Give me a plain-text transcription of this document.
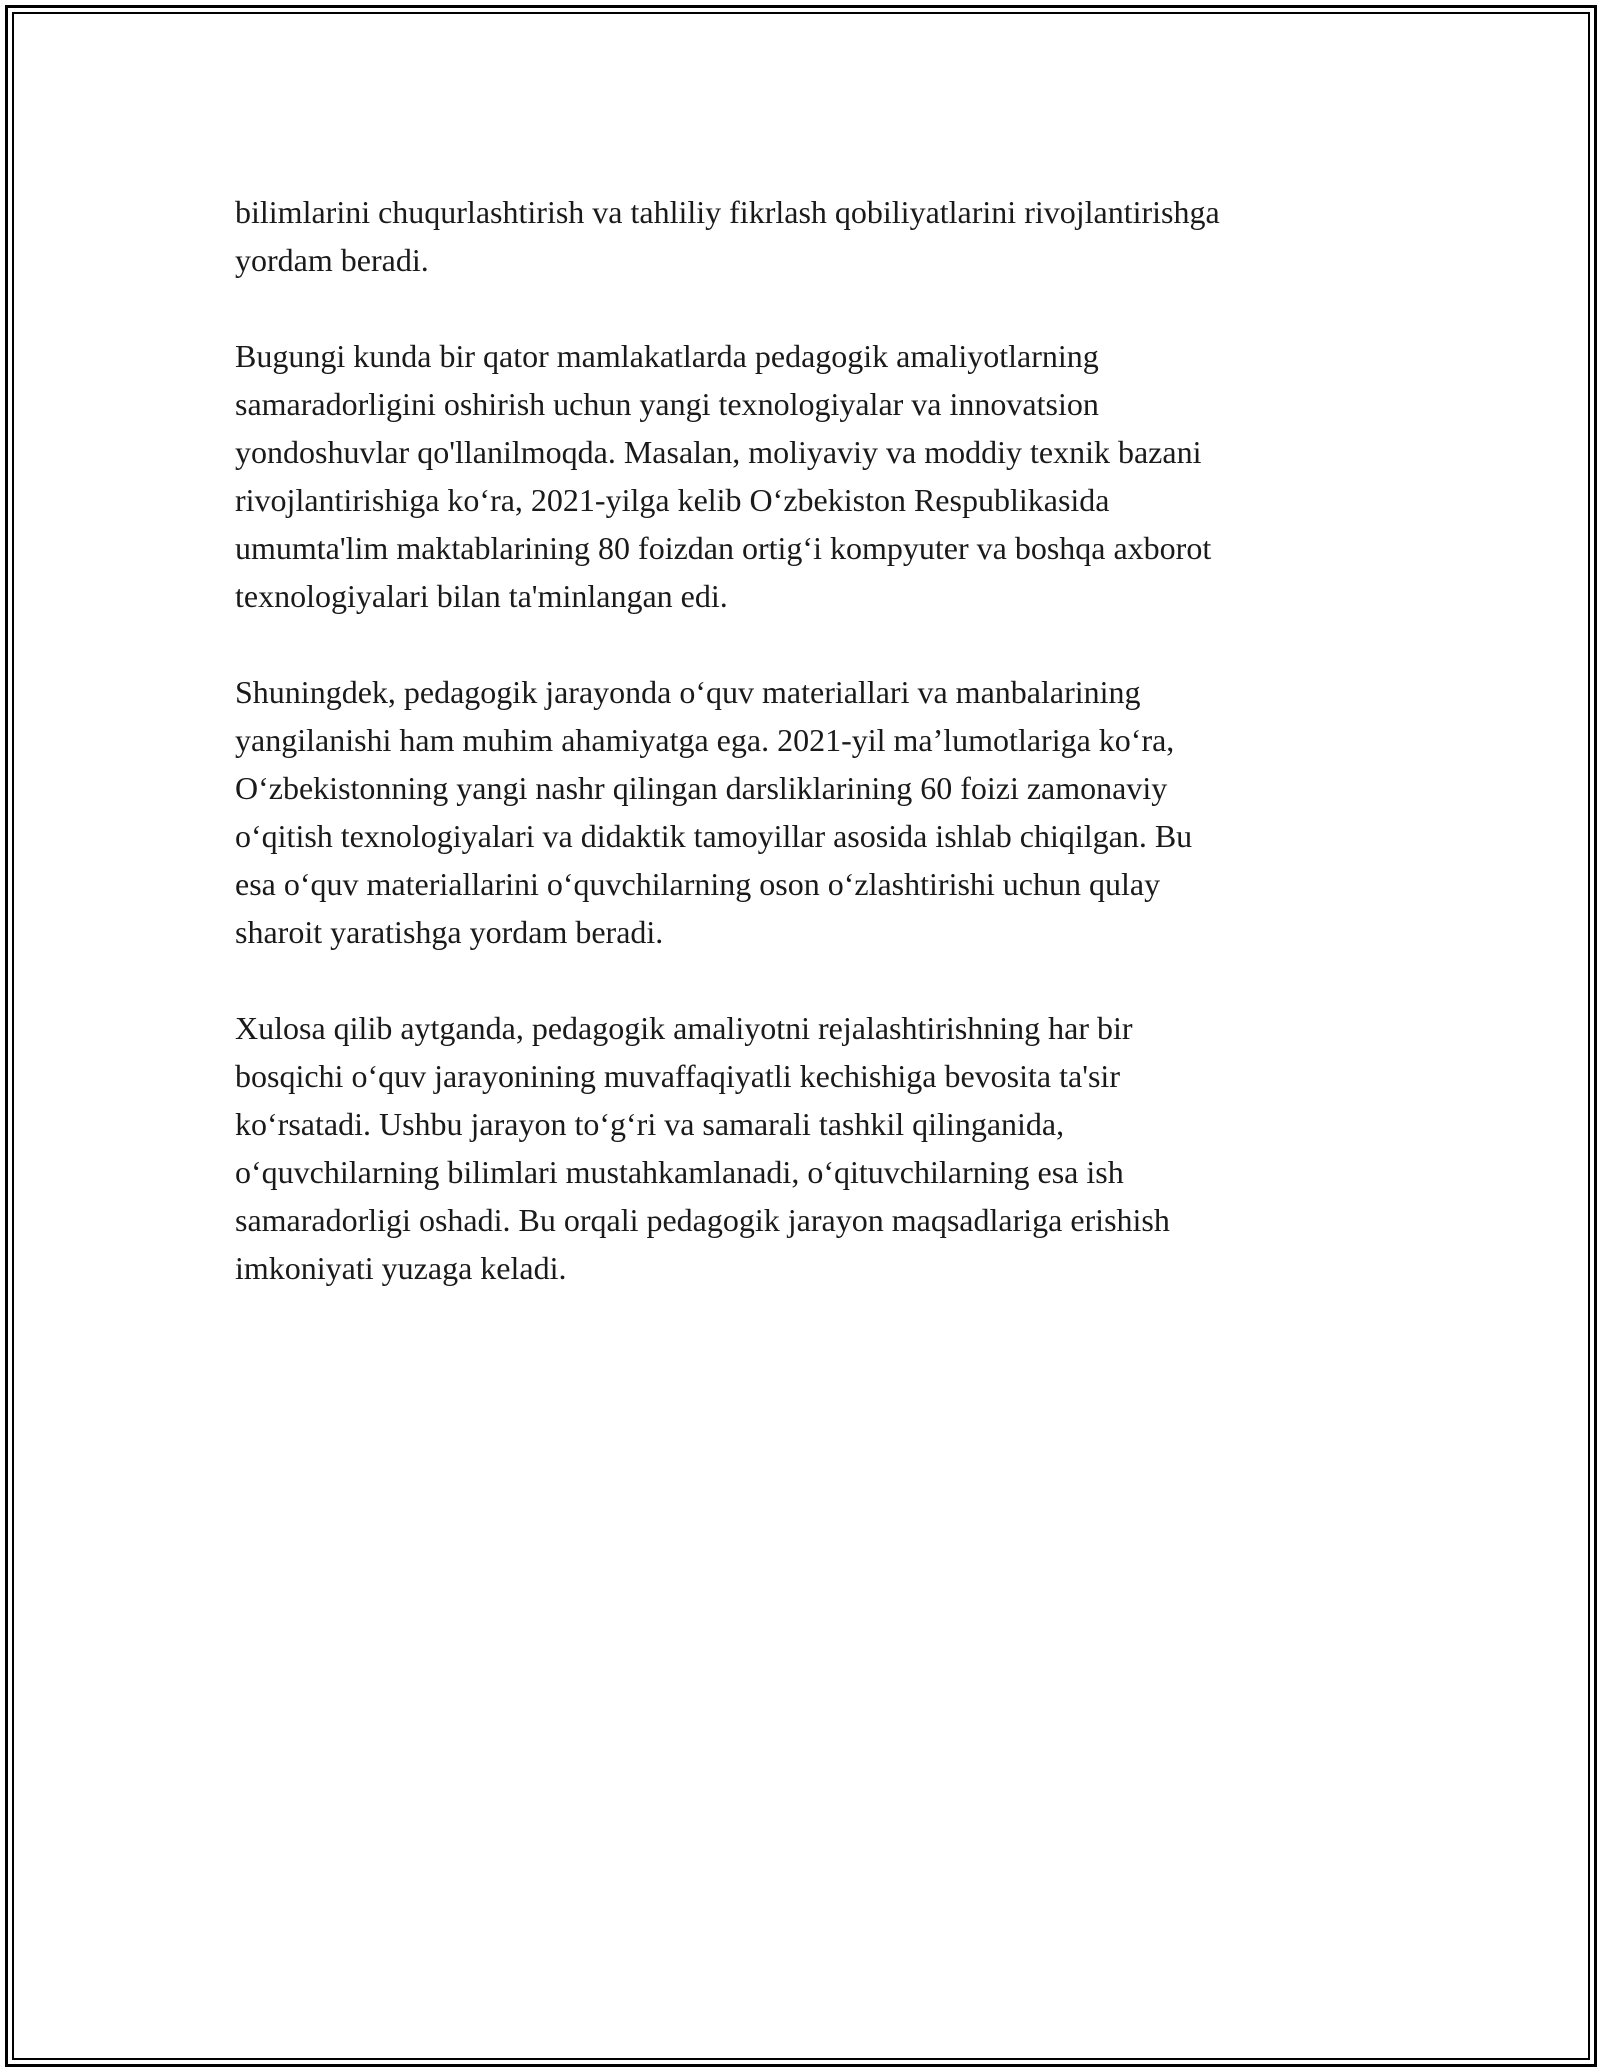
bilimlarini chuqurlashtirish va tahliliy fikrlash qobiliyatlarini rivojlantirishga
yordam beradi.

Bugungi kunda bir qator mamlakatlarda pedagogik amaliyotlarning
samaradorligini oshirish uchun yangi texnologiyalar va innovatsion
yondoshuvlar qo'llanilmoqda. Masalan, moliyaviy va moddiy texnik bazani
rivojlantirishiga ko‘ra, 2021-yilga kelib O‘zbekiston Respublikasida
umumta'lim maktablarining 80 foizdan ortig‘i kompyuter va boshqa axborot
texnologiyalari bilan ta'minlangan edi.

Shuningdek, pedagogik jarayonda o‘quv materiallari va manbalarining
yangilanishi ham muhim ahamiyatga ega. 2021-yil ma’lumotlariga ko‘ra,
O‘zbekistonning yangi nashr qilingan darsliklarining 60 foizi zamonaviy
o‘qitish texnologiyalari va didaktik tamoyillar asosida ishlab chiqilgan. Bu
esa o‘quv materiallarini o‘quvchilarning oson o‘zlashtirishi uchun qulay
sharoit yaratishga yordam beradi.

Xulosa qilib aytganda, pedagogik amaliyotni rejalashtirishning har bir
bosqichi o‘quv jarayonining muvaffaqiyatli kechishiga bevosita ta'sir
ko‘rsatadi. Ushbu jarayon to‘g‘ri va samarali tashkil qilinganida,
o‘quvchilarning bilimlari mustahkamlanadi, o‘qituvchilarning esa ish
samaradorligi oshadi. Bu orqali pedagogik jarayon maqsadlariga erishish
imkoniyati yuzaga keladi.
